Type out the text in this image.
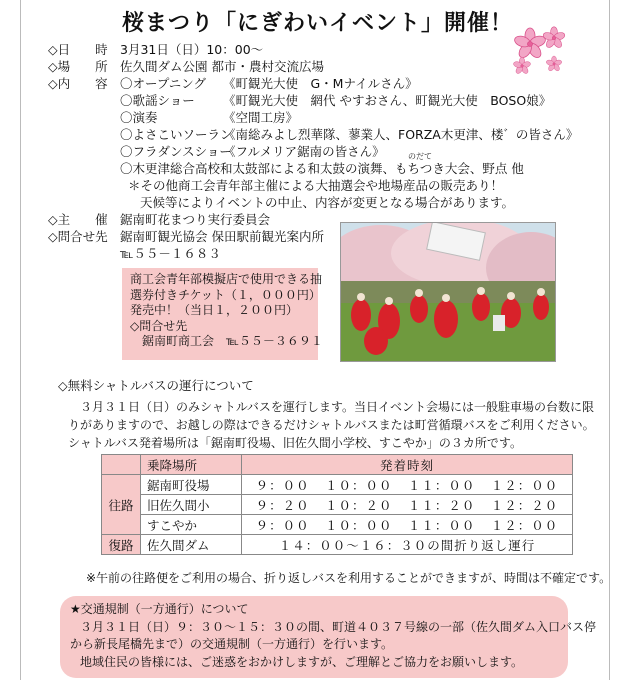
桜まつり「にぎわいイベント」開催！
◇日　　時 3月31日（日）10：00～
◇場　　所 佐久間ダム公園 都市・農村交流広場
◇内　　容 〇オープニング 《町観光大使　G・Mナイルさん》
〇歌謡ショー 《町観光大使　網代 やすおさん、町観光大使　BOSO娘》
〇演奏	《空間工房》
〇よさこいソーラン
《南総みよし烈華隊、蓼業人、FORZA木更津、楼゛の皆さん》
〇フラダンスショー
《フルメリア鋸南の皆さん》	のだて
〇木更津総合高校和太鼓部による和太鼓の演舞、もちつき大会、野点 他
＊その他商工会青年部主催による大抽選会や地場産品の販売あり！
天候等によりイベントの中止、内容が変更となる場合があります。
◇主　　催 鋸南町花まつり実行委員会
◇問合せ先 鋸南町観光協会 保田駅前観光案内所
℡５５－１６８３
商工会青年部模擬店で使用できる抽
選券付きチケット（１，０００円）
発売中！（当日１，２００円）
◇問合せ先
鋸南町商工会　℡５５－３６９１
◇無料シャトルバスの運行について
３月３１日（日）のみシャトルバスを運行します。当日イベント会場には一般駐車場の台数に限
りがありますので、お越しの際はできるだけシャトルバスまたは町営循環バスをご利用ください。
シャトルバス発着場所は「鋸南町役場、旧佐久間小学校、すこやか」の３カ所です。
	乗降場所	発着時刻
往路	鋸南町役場	９：００ １０：００ １１：００ １２：００

	旧佐久間小	９：２０ １０：２０ １１：２０ １２：２０

	すこやか	９：００ １０：００ １１：００ １２：００

復路	佐久間ダム	１４：００～１６：３０の間折り返し運行
※午前の往路便をご利用の場合、折り返しバスを利用することができますが、時間は不確定です。
★交通規制（一方通行）について
３月３１日（日）９：３０～１５：３０の間、町道４０３７号線の一部（佐久間ダム入口バス停
から新長尾橋先まで）の交通規制（一方通行）を行います。
地域住民の皆様には、ご迷惑をおかけしますが、ご理解とご協力をお願いします。
